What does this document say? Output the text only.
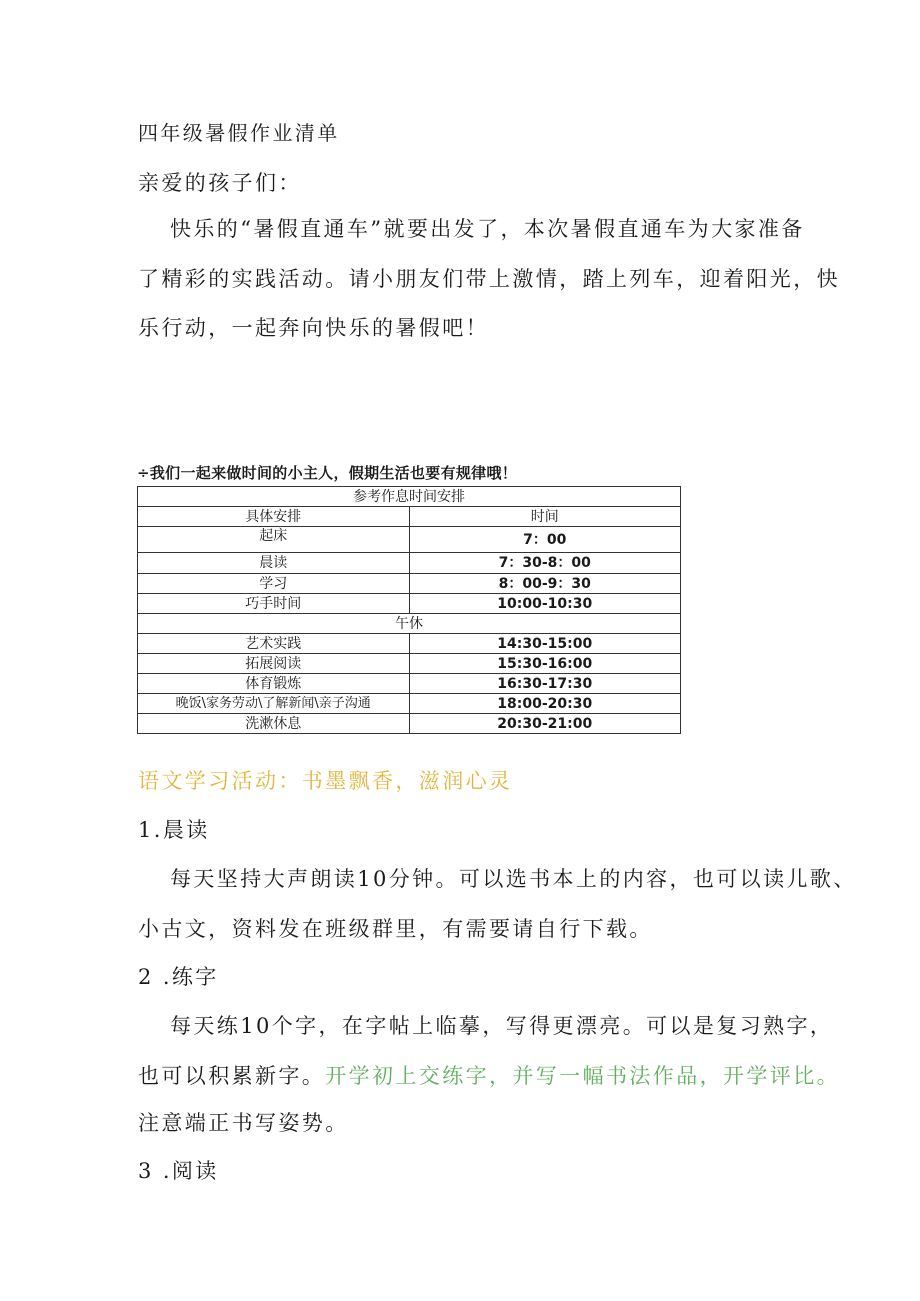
四年级暑假作业清单
亲爱的孩子们：
快乐的“暑假直通车”就要出发了，本次暑假直通车为大家准备
了精彩的实践活动。请小朋友们带上激情，踏上列车，迎着阳光，快
乐行动，一起奔向快乐的暑假吧！
÷我们一起来做时间的小主人，假期生活也要有规律哦！
参考作息时间安排	
具体安排	时间
起床	7：00
晨读	7：30-8：00
学习	8：00-9：30
巧手时间	10:00-10:30
午休	
艺术实践	14:30-15:00
拓展阅读	15:30-16:00
体育锻炼	16:30-17:30
晚饭\家务劳动\了解新闻\亲子沟通	18:00-20:30
洗漱休息	20:30-21:00
语文学习活动：书墨飘香，滋润心灵
1.晨读
每天坚持大声朗读10分钟。可以选书本上的内容，也可以读儿歌、
小古文，资料发在班级群里，有需要请自行下载。
2 .练字
每天练10个字，在字帖上临摹，写得更漂亮。可以是复习熟字，
也可以积累新字。开学初上交练字，并写一幅书法作品，开学评比。
注意端正书写姿势。
3 .阅读
